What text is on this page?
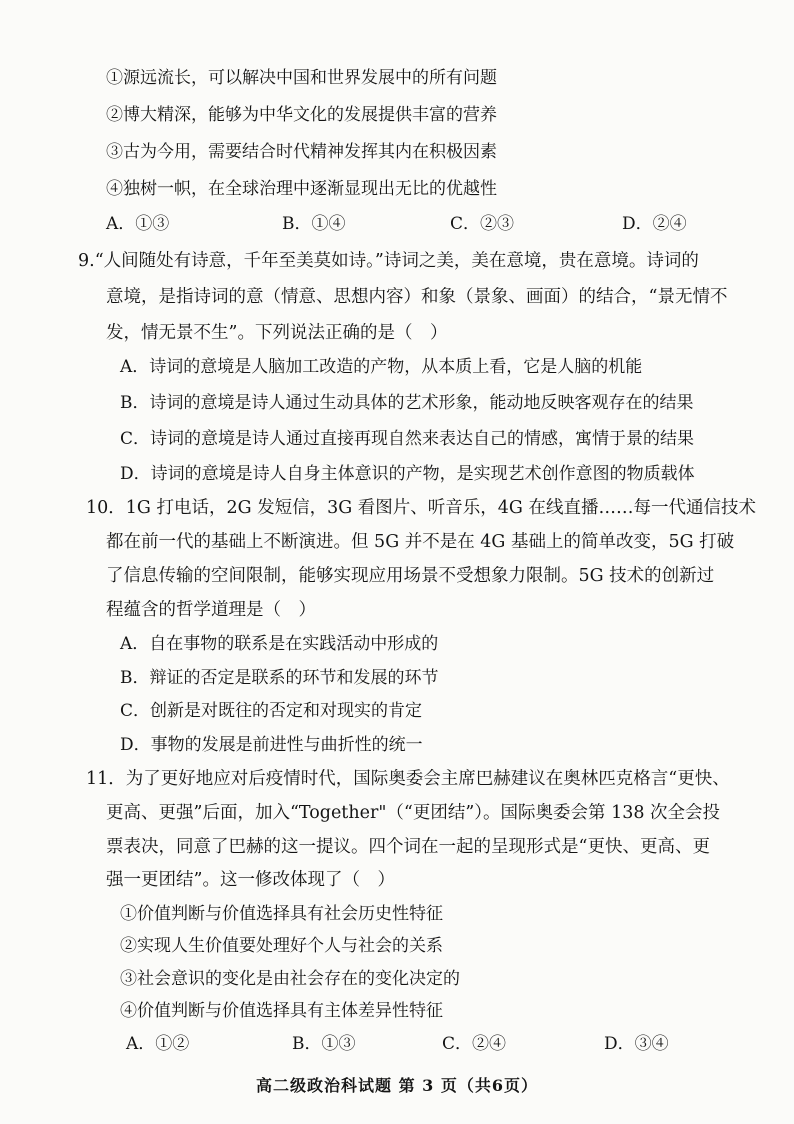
①源远流长，可以解决中国和世界发展中的所有问题
②博大精深，能够为中华文化的发展提供丰富的营养
③古为今用，需要结合时代精神发挥其内在积极因素
④独树一帜，在全球治理中逐渐显现出无比的优越性
A．①③	B．①④	C．②③	D．②④
9.“人间随处有诗意，千年至美莫如诗。”诗词之美，美在意境，贵在意境。诗词的
意境，是指诗词的意（情意、思想内容）和象（景象、画面）的结合，“景无情不
发，情无景不生”。下列说法正确的是（　）
A．诗词的意境是人脑加工改造的产物，从本质上看，它是人脑的机能
B．诗词的意境是诗人通过生动具体的艺术形象，能动地反映客观存在的结果
C．诗词的意境是诗人通过直接再现自然来表达自己的情感，寓情于景的结果
D．诗词的意境是诗人自身主体意识的产物，是实现艺术创作意图的物质载体
10．1G 打电话，2G 发短信，3G 看图片、听音乐，4G 在线直播……每一代通信技术
都在前一代的基础上不断演进。但 5G 并不是在 4G 基础上的简单改变，5G 打破
了信息传输的空间限制，能够实现应用场景不受想象力限制。5G 技术的创新过
程蕴含的哲学道理是（　）
A．自在事物的联系是在实践活动中形成的
B．辩证的否定是联系的环节和发展的环节
C．创新是对既往的否定和对现实的肯定
D．事物的发展是前进性与曲折性的统一
11．为了更好地应对后疫情时代，国际奥委会主席巴赫建议在奥林匹克格言“更快、
更高、更强”后面，加入“Together"（“更团结”）。国际奥委会第 138 次全会投
票表决，同意了巴赫的这一提议。四个词在一起的呈现形式是“更快、更高、更
强一更团结”。这一修改体现了（　）
①价值判断与价值选择具有社会历史性特征
②实现人生价值要处理好个人与社会的关系
③社会意识的变化是由社会存在的变化决定的
④价值判断与价值选择具有主体差异性特征
A．①②	B．①③	C．②④	D．③④
高二级政治科试题 第 3 页（共6页）
